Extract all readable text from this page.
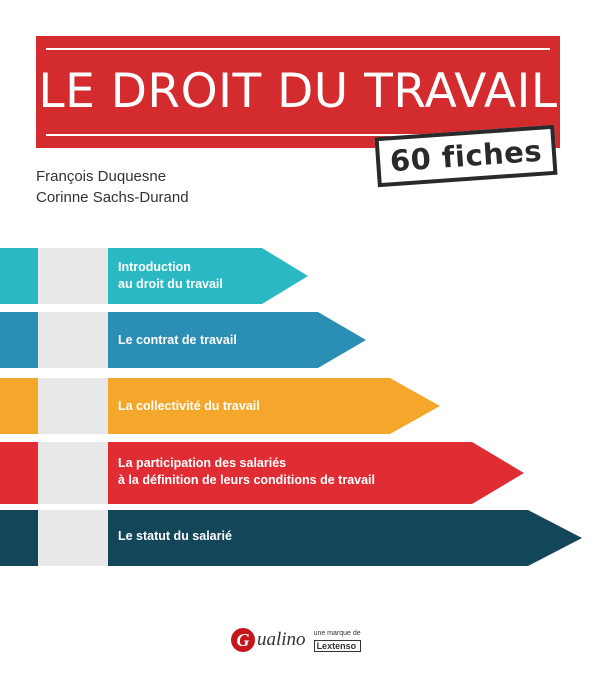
LE DROIT DU TRAVAIL
60 fiches
François Duquesne
Corinne Sachs-Durand
Introduction
au droit du travail
Le contrat de travail
La collectivité du travail
La participation des salariés
à la définition de leurs conditions de travail
Le statut du salarié
G ualino une marque de
Lextenso
